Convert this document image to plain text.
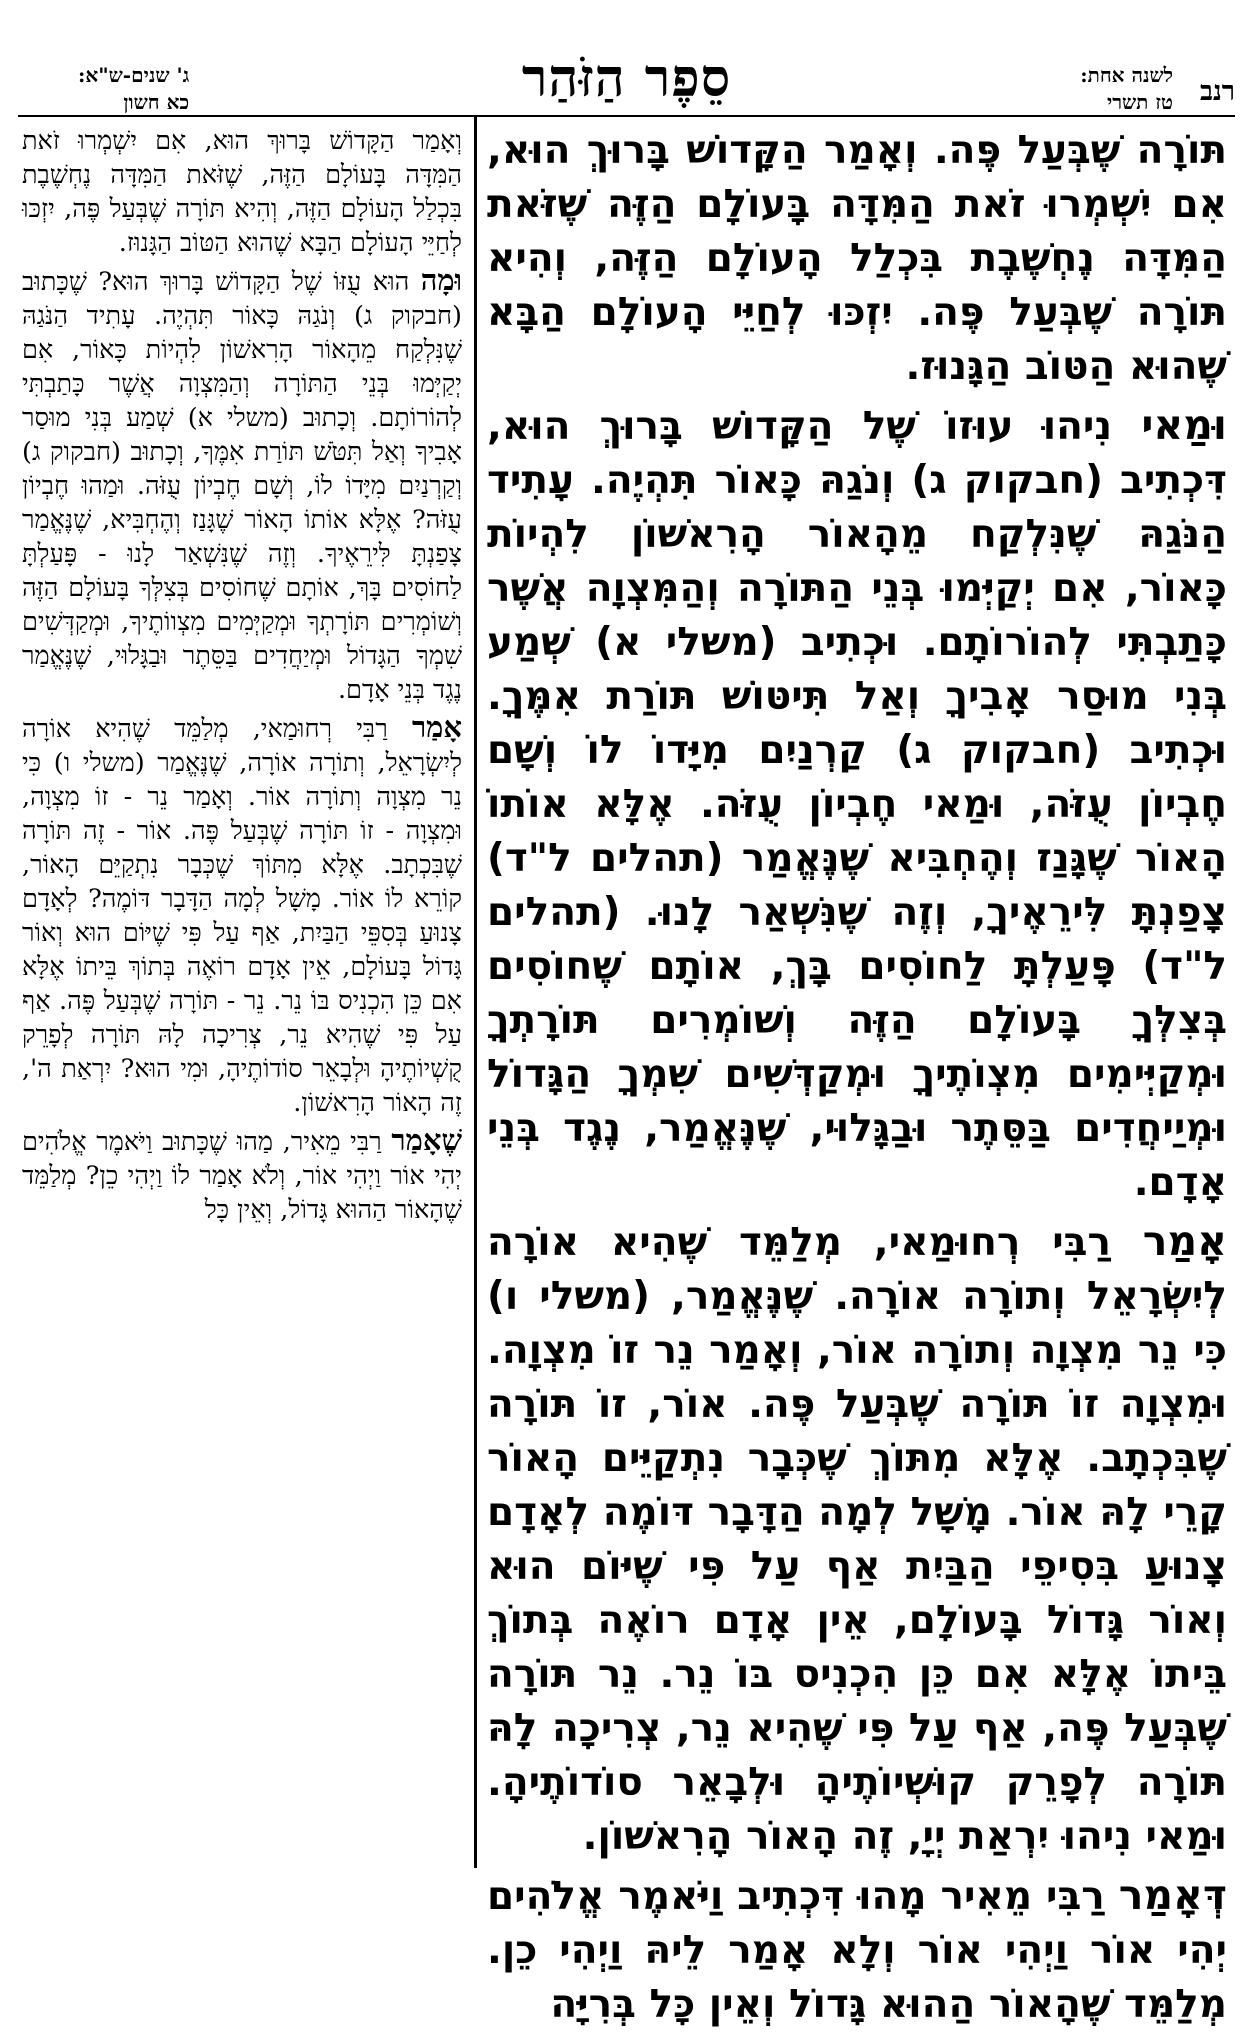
רנב
לשנה אחת:
טז תשרי
סֵפֶר הַזֹּהַר
ג' שנים-ש"א:
כא חשון

תּוֹרָה שֶׁבְּעַל פֶּה. וְאָמַר הַקָּדוֹשׁ בָּרוּךְ הוּא, אִם יִשְׁמְרוּ זֹאת הַמִּדָּה בָּעוֹלָם הַזֶּה שֶׁזֹּאת הַמִּדָּה נֶחְשֶׁבֶת בִּכְלַל הָעוֹלָם הַזֶּה, וְהִיא תּוֹרָה שֶׁבְּעַל פֶּה. יִזְכּוּ לְחַיֵּי הָעוֹלָם הַבָּא שֶׁהוּא הַטּוֹב הַגָּנוּז.

וּמַאי נִיהוּ עוּזוֹ שֶׁל הַקָּדוֹשׁ בָּרוּךְ הוּא, דִּכְתִיב (חבקוק ג) וְנֹגַהּ כָּאוֹר תִּהְיֶה. עָתִיד הַנֹּגַהּ שֶׁנִּלְקַח מֵהָאוֹר הָרִאשׁוֹן לִהְיוֹת כָּאוֹר, אִם יְקַיְּמוּ בְּנֵי הַתּוֹרָה וְהַמִּצְוָה אֲשֶׁר כָּתַבְתִּי לְהוֹרוֹתָם. וּכְתִיב (משלי א) שְׁמַע בְּנִי מוּסַר אָבִיךָ וְאַל תִּיטּוֹשׁ תּוֹרַת אִמֶּךָ. וּכְתִיב (חבקוק ג) קַרְנַיִם מִיָּדוֹ לוֹ וְשָׁם חֶבְיוֹן עֻזֹּה, וּמַאי חֶבְיוֹן עֻזֹּה. אֶלָּא אוֹתוֹ הָאוֹר שֶׁגָּנַז וְהֶחְבִּיא שֶׁנֶּאֱמַר (תהלים ל"ד) צָפַנְתָּ לִּירֵאֶיךָ, וְזֶה שֶׁנִּשְׁאַר לָנוּ. (תהלים ל"ד) פָּעַלְתָּ לַחוֹסִים בָּךְ, אוֹתָם שֶׁחוֹסִים בְּצִלְּךָ בָּעוֹלָם הַזֶּה וְשׁוֹמְרִים תּוֹרָתְךָ וּמְקַיְּימִים מִצְוֹתֶיךָ וּמְקַדְּשִׁים שִׁמְךָ הַגָּדוֹל וּמְיַיחֲדִים בַּסֵּתֶר וּבַגָּלוּי, שֶׁנֶּאֱמַר, נֶגֶד בְּנֵי אָדָם.

אָמַר רַבִּי רְחוּמַאי, מְלַמֵּד שֶׁהִיא אוֹרָה לְיִשְׂרָאֵל וְתוֹרָה אוֹרָה. שֶׁנֶּאֱמַר, (משלי ו) כִּי נֵר מִצְוָה וְתוֹרָה אוֹר, וְאָמַר נֵר זוֹ מִצְוָה. וּמִצְוָה זוֹ תּוֹרָה שֶׁבְּעַל פֶּה. אוֹר, זוֹ תּוֹרָה שֶׁבִּכְתָב. אֶלָּא מִתּוֹךְ שֶׁכְּבָר נִתְקַיֵּים הָאוֹר קָרֵי לָהּ אוֹר. מָשָׁל לְמָה הַדָּבָר דּוֹמֶה לְאָדָם צָנוּעַ בִּסִיפֵי הַבַּיִת אַף עַל פִּי שֶׁיּוֹם הוּא וְאוֹר גָּדוֹל בָּעוֹלָם, אֵין אָדָם רוֹאֶה בְּתוֹךְ בֵּיתוֹ אֶלָּא אִם כֵּן הִכְנִיס בּוֹ נֵר. נֵר תּוֹרָה שֶׁבְּעַל פֶּה, אַף עַל פִּי שֶׁהִיא נֵר, צְרִיכָה לָהּ תּוֹרָה לְפָרֵק קוּשְׁיוֹתֶיהָ וּלְבָאֵר סוֹדוֹתֶיהָ. וּמַאי נִיהוּ יִרְאַת יְיָ, זֶה הָאוֹר הָרִאשׁוֹן.

דְּאָמַר רַבִּי מֵאִיר מָהוּ דִּכְתִיב וַיֹּאמֶר אֱלֹהִים יְהִי אוֹר וַיְהִי אוֹר וְלָא אָמַר לֵיהּ וַיְהִי כֵן. מְלַמֵּד שֶׁהָאוֹר הַהוּא גָּדוֹל וְאֵין כָּל בְּרִיָּה

וְאָמַר הַקָּדוֹשׁ בָּרוּךְ הוּא, אִם יִשְׁמְרוּ זֹאת הַמִּדָּה בָּעוֹלָם הַזֶּה, שֶׁזֹּאת הַמִּדָּה נֶחְשֶׁבֶת בִּכְלַל הָעוֹלָם הַזֶּה, וְהִיא תּוֹרָה שֶׁבְּעַל פֶּה, יִזְכּוּ לְחַיֵּי הָעוֹלָם הַבָּא שֶׁהוּא הַטּוֹב הַגָּנוּז.

וּמָה הוּא עֻזּוֹ שֶׁל הַקָּדוֹשׁ בָּרוּךְ הוּא? שֶׁכָּתוּב (חבקוק ג) וְנֹגַהּ כָּאוֹר תִּהְיֶה. עָתִיד הַנֹּגַהּ שֶׁנִּלְקַח מֵהָאוֹר הָרִאשׁוֹן לִהְיוֹת כָּאוֹר, אִם יְקַיְּמוּ בְּנֵי הַתּוֹרָה וְהַמִּצְוָה אֲשֶׁר כָּתַבְתִּי לְהוֹרוֹתָם. וְכָתוּב (משלי א) שְׁמַע בְּנִי מוּסַר אָבִיךָ וְאַל תִּטֹּשׁ תּוֹרַת אִמֶּךָ, וְכָתוּב (חבקוק ג) וְקַרְנַיִם מִיָּדוֹ לוֹ, וְשָׁם חֶבְיוֹן עֻזֹּה. וּמַהוּ חֶבְיוֹן עֻזֹּה? אֶלָּא אוֹתוֹ הָאוֹר שֶׁגָּנַז וְהֶחְבִּיא, שֶׁנֶּאֱמַר צָפַנְתָּ לִּירֵאֶיךָ. וְזֶה שֶׁנִּשְׁאַר לָנוּ - פָּעַלְתָּ לַחוֹסִים בָּךְ, אוֹתָם שֶׁחוֹסִים בְּצִלְּךָ בָּעוֹלָם הַזֶּה וְשׁוֹמְרִים תּוֹרָתְךָ וּמְקַיְּמִים מִצְווֹתֶיךָ, וּמְקַדְּשִׁים שִׁמְךָ הַגָּדוֹל וּמְיַחֲדִים בַּסֵּתֶר וּבַגָּלוּי, שֶׁנֶּאֱמַר נֶגֶד בְּנֵי אָדָם.

אָמַר רַבִּי רְחוּמַאי, מְלַמֵּד שֶׁהִיא אוֹרָה לְיִשְׂרָאֵל, וְתוֹרָה אוֹרָה, שֶׁנֶּאֱמַר (משלי ו) כִּי נֵר מִצְוָה וְתוֹרָה אוֹר. וְאָמַר נֵר - זוֹ מִצְוָה, וּמִצְוָה - זוֹ תּוֹרָה שֶׁבְּעַל פֶּה. אוֹר - זֶה תּוֹרָה שֶׁבִּכְתָב. אֶלָּא מִתּוֹךְ שֶׁכְּבָר נִתְקַיֵּם הָאוֹר, קוֹרֵא לוֹ אוֹר. מָשָׁל לְמָה הַדָּבָר דּוֹמֶה? לְאָדָם צָנוּעַ בְּסִפֵּי הַבַּיִת, אַף עַל פִּי שֶׁיּוֹם הוּא וְאוֹר גָּדוֹל בָּעוֹלָם, אֵין אָדָם רוֹאֶה בְּתוֹךְ בֵּיתוֹ אֶלָּא אִם כֵּן הִכְנִיס בּוֹ נֵר. נֵר - תּוֹרָה שֶׁבְּעַל פֶּה. אַף עַל פִּי שֶׁהִיא נֵר, צְרִיכָה לָהּ תּוֹרָה לְפָרֵק קֻשְׁיוֹתֶיהָ וּלְבָאֵר סוֹדוֹתֶיהָ, וּמִי הוּא? יִרְאַת ה', זֶה הָאוֹר הָרִאשׁוֹן.

שֶׁאָמַר רַבִּי מֵאִיר, מַהוּ שֶׁכָּתוּב וַיֹּאמֶר אֱלֹהִים יְהִי אוֹר וַיְהִי אוֹר, וְלֹא אָמַר לוֹ וַיְהִי כֵן? מְלַמֵּד שֶׁהָאוֹר הַהוּא גָּדוֹל, וְאֵין כָּל
